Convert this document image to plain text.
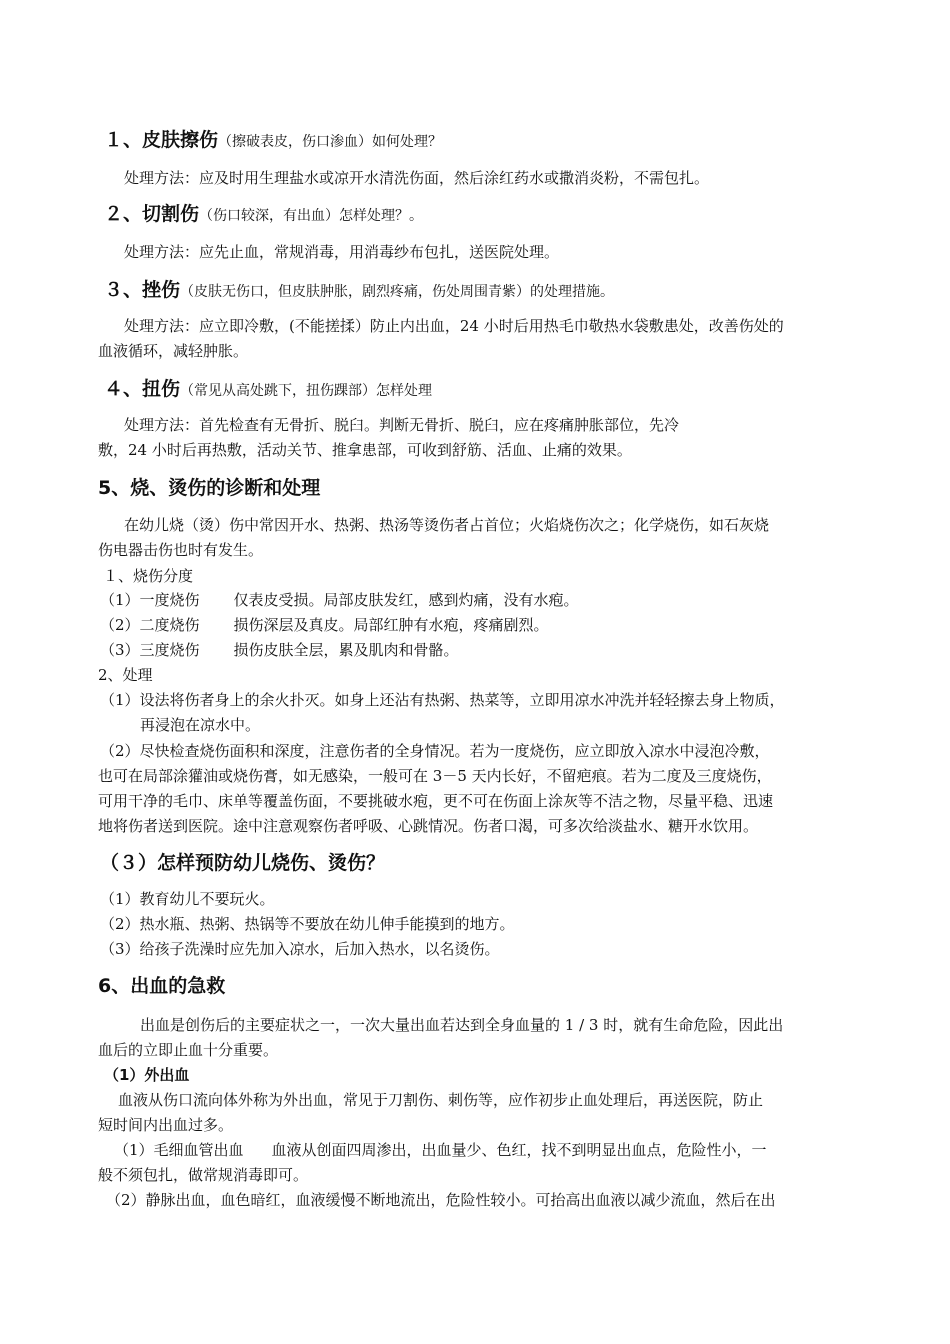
１、皮肤擦伤（擦破表皮，伤口渗血）如何处理？
处理方法：应及时用生理盐水或凉开水清洗伤面，然后涂红药水或撒消炎粉，不需包扎。
２、切割伤（伤口较深，有出血）怎样处理？。
处理方法：应先止血，常规消毒，用消毒纱布包扎，送医院处理。
３、挫伤（皮肤无伤口，但皮肤肿胀，剧烈疼痛，伤处周围青紫）的处理措施。
处理方法：应立即冷敷，(不能搓揉）防止内出血，24 小时后用热毛巾敬热水袋敷患处，改善伤处的
血液循环，减轻肿胀。
４、扭伤（常见从高处跳下，扭伤踝部）怎样处理
处理方法：首先检查有无骨折、脱臼。判断无骨折、脱臼，应在疼痛肿胀部位，先冷
敷，24 小时后再热敷，活动关节、推拿患部，可收到舒筋、活血、止痛的效果。
5、烧、烫伤的诊断和处理
在幼儿烧（烫）伤中常因开水、热粥、热汤等烫伤者占首位；火焰烧伤次之；化学烧伤，如石灰烧
伤电器击伤也时有发生。
１、烧伤分度
（1）一度烧伤 仅表皮受损。局部皮肤发红，感到灼痛，没有水疱。
（2）二度烧伤 损伤深层及真皮。局部红肿有水疱，疼痛剧烈。
（3）三度烧伤 损伤皮肤全层，累及肌肉和骨骼。
2、处理
（1）设法将伤者身上的余火扑灭。如身上还沾有热粥、热菜等，立即用凉水冲洗并轻轻擦去身上物质，
再浸泡在凉水中。
（2）尽快检查烧伤面积和深度，注意伤者的全身情况。若为一度烧伤，应立即放入凉水中浸泡冷敷，
也可在局部涂獾油或烧伤膏，如无感染，一般可在 3－5 天内长好，不留疤痕。若为二度及三度烧伤，
可用干净的毛巾、床单等覆盖伤面，不要挑破水疱，更不可在伤面上涂灰等不洁之物，尽量平稳、迅速
地将伤者送到医院。途中注意观察伤者呼吸、心跳情况。伤者口渴，可多次给淡盐水、糖开水饮用。
（３）怎样预防幼儿烧伤、烫伤？
（1）教育幼儿不要玩火。
（2）热水瓶、热粥、热锅等不要放在幼儿伸手能摸到的地方。
（3）给孩子洗澡时应先加入凉水，后加入热水，以名烫伤。
6、出血的急救
出血是创伤后的主要症状之一，一次大量出血若达到全身血量的 1 / 3 时，就有生命危险，因此出
血后的立即止血十分重要。
（1）外出血
血液从伤口流向体外称为外出血，常见于刀割伤、刺伤等，应作初步止血处理后，再送医院，防止
短时间内出血过多。
（1）毛细血管出血 血液从创面四周渗出，出血量少、色红，找不到明显出血点，危险性小，一
般不须包扎，做常规消毒即可。
（2）静脉出血，血色暗红，血液缓慢不断地流出，危险性较小。可抬高出血液以减少流血，然后在出
